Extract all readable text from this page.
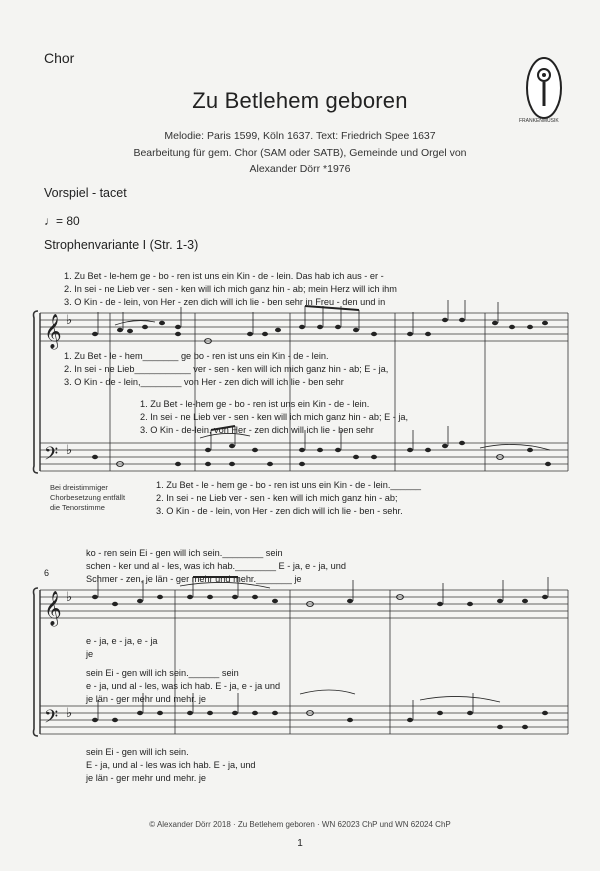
Chor
Zu Betlehem geboren
Melodie: Paris 1599, Köln 1637. Text: Friedrich Spee 1637
Bearbeitung für gem. Chor (SAM oder SATB), Gemeinde und Orgel von
Alexander Dörr *1976
FRANKENMUSIK
Vorspiel - tacet
♩= 80
Strophenvariante I (Str. 1-3)
𝄞
𝄢
𝄞
𝄢
♭
♭
♭
♭
1. Zu Bet - le-hem ge - bo - ren ist uns ein Kin - de - lein. Das hab ich aus - er -
2. In sei - ne Lieb ver - sen - ken will ich mich ganz hin - ab; mein Herz will ich ihm
3. O Kin - de - lein, von Her - zen dich will ich lie - ben sehr in Freu - den und in
1. Zu Bet - le - hem_______ ge bo - ren ist uns ein Kin - de - lein.
2. In sei - ne Lieb___________ ver - sen - ken will ich mich ganz hin - ab; E - ja,
3. O Kin - de - lein,________ von Her - zen dich will ich lie - ben sehr
1. Zu Bet - le-hem ge - bo - ren ist uns ein Kin - de - lein.
2. In sei - ne Lieb ver - sen - ken will ich mich ganz hin - ab; E - ja,
3. O Kin - de-lein, von Her - zen dich will ich lie - ben sehr
1. Zu Bet - le - hem ge - bo - ren ist uns ein Kin - de - lein.______
2. In sei - ne Lieb ver - sen - ken will ich mich ganz hin - ab;
3. O Kin - de - lein, von Her - zen dich will ich lie - ben - sehr.
Bei dreistimmiger
Chorbesetzung entfällt
die Tenorstimme
6
ko - ren sein Ei - gen will ich sein.________ sein
schen - ker und al - les, was ich hab.________ E - ja, e - ja, und
Schmer - zen, je län - ger mehr und mehr._______ je
e - ja, e - ja, e - ja
je
sein Ei - gen will ich sein.______ sein
e - ja, und al - les, was ich hab. E - ja, e - ja und
je län - ger mehr und mehr. je
sein Ei - gen will ich sein.
E - ja, und al - les was ich hab. E - ja, und
je län - ger mehr und mehr. je
© Alexander Dörr 2018 · Zu Betlehem geboren · WN 62023 ChP und WN 62024 ChP
1
